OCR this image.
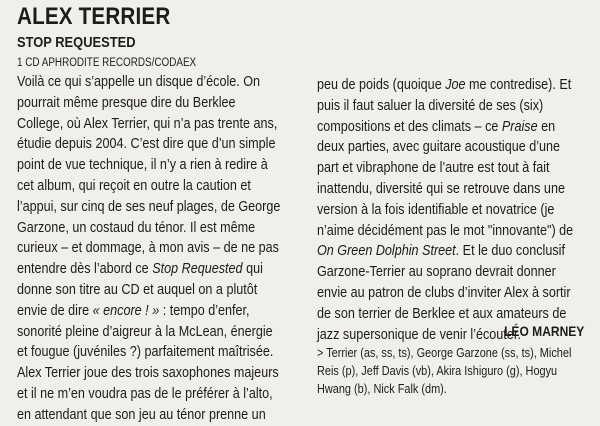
ALEX TERRIER
STOP REQUESTED
1 CD APHRODITE RECORDS/CODAEX
Voilà ce qui s’appelle un disque d’école. On
pourrait même presque dire du Berklee
College, où Alex Terrier, qui n’a pas trente ans,
étudie depuis 2004. C’est dire que d’un simple
point de vue technique, il n’y a rien à redire à
cet album, qui reçoit en outre la caution et
l’appui, sur cinq de ses neuf plages, de George
Garzone, un costaud du ténor. Il est même
curieux – et dommage, à mon avis – de ne pas
entendre dès l’abord ce Stop Requested qui
donne son titre au CD et auquel on a plutôt
envie de dire « encore ! » : tempo d’enfer,
sonorité pleine d’aigreur à la McLean, énergie
et fougue (juvéniles ?) parfaitement maîtrisée.
Alex Terrier joue des trois saxophones majeurs
et il ne m’en voudra pas de le préférer à l’alto,
en attendant que son jeu au ténor prenne un
peu de poids (quoique Joe me contredise). Et
puis il faut saluer la diversité de ses (six)
compositions et des climats – ce Praise en
deux parties, avec guitare acoustique d’une
part et vibraphone de l’autre est tout à fait
inattendu, diversité qui se retrouve dans une
version à la fois identifiable et novatrice (je
n’aime décidément pas le mot "innovante") de
On Green Dolphin Street. Et le duo conclusif
Garzone-Terrier au soprano devrait donner
envie au patron de clubs d’inviter Alex à sortir
de son terrier de Berklee et aux amateurs de
jazz supersonique de venir l’écouter.
LÉO MARNEY
> Terrier (as, ss, ts), George Garzone (ss, ts), Michel
Reis (p), Jeff Davis (vb), Akira Ishiguro (g), Hogyu
Hwang (b), Nick Falk (dm).
